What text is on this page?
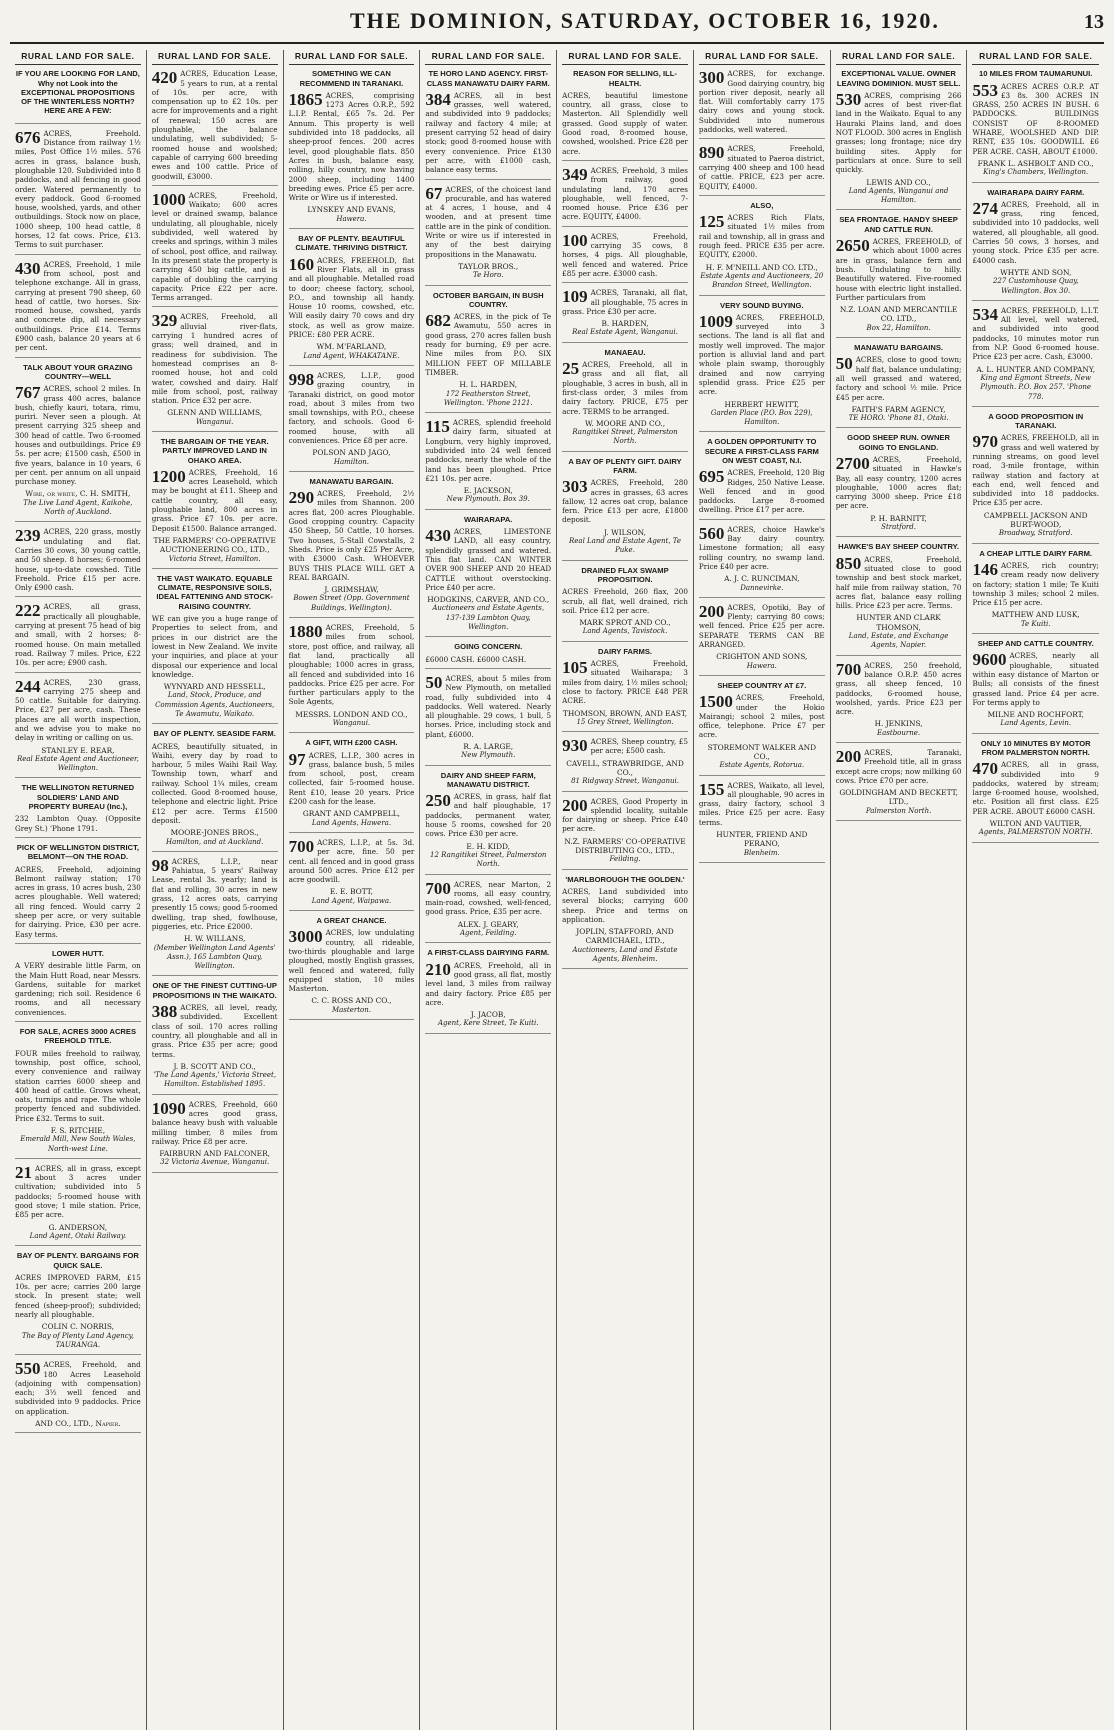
THE DOMINION, SATURDAY, OCTOBER 16, 1920.	13
RURAL LAND FOR SALE.
IF YOU ARE LOOKING FOR LAND, Why not Look into the EXCEPTIONAL PROPOSITIONS OF THE WINTERLESS NORTH? HERE ARE A FEW:
676 ACRES, Freehold. Distance from railway 1½ miles, Post Office 1½ miles. 576 acres in grass, balance bush, ploughable 120. Subdivided into 8 paddocks, and all fencing in good order. Watered permanently to every paddock. Good 6-roomed house, woolshed, yards, and other outbuildings. Stock now on place, 1000 sheep, 100 head cattle, 8 horses, 12 fat cows. Price, £13. Terms to suit purchaser.
430 ACRES, Freehold, 1 mile from school, post and telephone exchange. All in grass, carrying at present 790 sheep, 60 head of cattle, two horses. Six-roomed house, cowshed, yards and concrete dip, all necessary outbuildings. Price £14. Terms £900 cash, balance 20 years at 6 per cent.
TALK ABOUT YOUR GRAZING COUNTRY—WELL
767 ACRES, school 2 miles. In grass 400 acres, balance bush, chiefly kauri, totara, rimu, puriri. Never seen a plough. At present carrying 325 sheep and 300 head of cattle. Two 6-roomed houses and outbuildings. Price £9 5s. per acre; £1500 cash, £500 in five years, balance in 10 years, 6 per cent. per annum on all unpaid purchase money.
Wire, or write, C. H. SMITH,
The Live Land Agent, Kaikohe, North of Auckland.
239 ACRES, 220 grass, mostly undulating and flat. Carries 30 cows, 30 young cattle, and 50 sheep. 8 horses; 6-roomed house, up-to-date cowshed. Title Freehold. Price £15 per acre. Only £900 cash.
222 ACRES, all grass, practically all ploughable, carrying at present 75 head of big and small, with 2 horses; 8-roomed house. On main metalled road. Railway 7 miles. Price, £22 10s. per acre; £900 cash.
244 ACRES, 230 grass, carrying 275 sheep and 50 cattle. Suitable for dairying. Price, £27 per acre, cash. These places are all worth inspection, and we advise you to make no delay in writing or calling on us.
STANLEY E. REAR,
Real Estate Agent and Auctioneer, Wellington.
THE WELLINGTON RETURNED SOLDIERS' LAND AND PROPERTY BUREAU (Inc.),
232 Lambton Quay. (Opposite Grey St.) 'Phone 1791.
PICK OF WELLINGTON DISTRICT, BELMONT—ON THE ROAD.
ACRES, Freehold, adjoining Belmont railway station; 170 acres in grass, 10 acres bush, 230 acres ploughable. Well watered; all ring fenced. Would carry 2 sheep per acre, or very suitable for dairying. Price, £30 per acre. Easy terms.
LOWER HUTT.
A VERY desirable little Farm, on the Main Hutt Road, near Messrs. Gardens, suitable for market gardening; rich soil. Residence 6 rooms, and all necessary conveniences.
FOR SALE, ACRES 3000 ACRES FREEHOLD TITLE.
FOUR miles freehold to railway, township, post office, school, every convenience and railway station carries 6000 sheep and 400 head of cattle. Grows wheat, oats, turnips and rape. The whole property fenced and subdivided. Price £32. Terms to suit.
F. S. RITCHIE,
Emerald Mill, New South Wales, North-west Line.
21 ACRES, all in grass, except about 3 acres under cultivation; subdivided into 5 paddocks; 5-roomed house with good stove; 1 mile station. Price, £85 per acre.
G. ANDERSON,
Land Agent, Otaki Railway.
BAY OF PLENTY. BARGAINS FOR QUICK SALE.
ACRES IMPROVED FARM, £15 10s. per acre; carries 200 large stock. In present state; well fenced (sheep-proof); subdivided; nearly all ploughable.
COLIN C. NORRIS,
The Bay of Plenty Land Agency, TAURANGA.
550 ACRES, Freehold, and 180 Acres Leasehold (adjoining with compensation) each; 3½ well fenced and subdivided into 9 paddocks. Price on application.
AND CO., LTD., Napier.
RURAL LAND FOR SALE.
420 ACRES, Education Lease, 5 years to run, at a rental of 10s. per acre, with compensation up to £2 10s. per acre for improvements and a right of renewal; 150 acres are ploughable, the balance undulating, well subdivided; 5-roomed house and woolshed; capable of carrying 600 breeding ewes and 100 cattle. Price of goodwill, £3000.
1000 ACRES, Freehold, Waikato; 600 acres level or drained swamp, balance undulating, all ploughable, nicely subdivided, well watered by creeks and springs, within 3 miles of school, post office, and railway. In its present state the property is carrying 450 big cattle, and is capable of doubling the carrying capacity. Price £22 per acre. Terms arranged.
329 ACRES, Freehold, all alluvial river-flats, carrying 1 hundred acres of grass; well drained, and in readiness for subdivision. The homestead comprises an 8-roomed house, hot and cold water, cowshed and dairy. Half mile from school, post, railway station. Price £32 per acre.
GLENN AND WILLIAMS,
Wanganui.
THE BARGAIN OF THE YEAR. PARTLY IMPROVED LAND IN OHAKO AREA.
1200 ACRES, Freehold, 16 acres Leasehold, which may be bought at £11. Sheep and cattle country, all easy, ploughable land, 800 acres in grass. Price £7 10s. per acre. Deposit £1500. Balance arranged.
THE FARMERS' CO-OPERATIVE AUCTIONEERING CO., LTD.,
Victoria Street, Hamilton.
THE VAST WAIKATO. EQUABLE CLIMATE, RESPONSIVE SOILS, IDEAL FATTENING AND STOCK-RAISING COUNTRY.
WE can give you a huge range of Properties to select from, and prices in our district are the lowest in New Zealand. We invite your inquiries, and place at your disposal our experience and local knowledge.
WYNYARD AND HESSELL,
Land, Stock, Produce, and Commission Agents, Auctioneers, Te Awamutu, Waikato.
BAY OF PLENTY. SEASIDE FARM.
ACRES, beautifully situated, in Waihi, every day by road to harbour, 5 miles Waihi Rail Way. Township town, wharf and railway. School 1¼ miles, cream collected. Good 8-roomed house, telephone and electric light. Price £12 per acre. Terms £1500 deposit.
MOORE-JONES BROS.,
Hamilton, and at Auckland.
98 ACRES, L.I.P., near Pahiatua, 5 years' Railway Lease, rental 3s. yearly; land is flat and rolling, 30 acres in new grass, 12 acres oats, carrying presently 15 cows; good 5-roomed dwelling, trap shed, fowlhouse, piggeries, etc. Price £2000.
H. W. WILLANS,
(Member Wellington Land Agents' Assn.), 165 Lambton Quay, Wellington.
ONE OF THE FINEST CUTTING-UP PROPOSITIONS IN THE WAIKATO.
388 ACRES, all level, ready, subdivided. Excellent class of soil. 170 acres rolling country, all ploughable and all in grass. Price £35 per acre; good terms.
J. B. SCOTT AND CO.,
'The Land Agents,' Victoria Street, Hamilton. Established 1895.
1090 ACRES, Freehold, 660 acres good grass, balance heavy bush with valuable milling timber, 8 miles from railway. Price £8 per acre.
FAIRBURN AND FALCONER,
32 Victoria Avenue, Wanganui.
RURAL LAND FOR SALE.
SOMETHING WE CAN RECOMMEND IN TARANAKI.
1865 ACRES, comprising 1273 Acres O.R.P., 592 L.I.P. Rental, £65 7s. 2d. Per Annum. This property is well subdivided into 18 paddocks, all sheep-proof fences. 200 acres level, good ploughable flats. 850 Acres in bush, balance easy, rolling, hilly country, now having 2000 sheep, including 1400 breeding ewes. Price £5 per acre. Write or Wire us if interested.
LYNSKEY AND EVANS,
Hawera.
BAY OF PLENTY. BEAUTIFUL CLIMATE. THRIVING DISTRICT.
160 ACRES, FREEHOLD, flat River Flats, all in grass and all ploughable. Metalled road to door; cheese factory, school, P.O., and township all handy. House 10 rooms, cowshed, etc. Will easily dairy 70 cows and dry stock, as well as grow maize. PRICE: £80 PER ACRE.
WM. M'FARLAND,
Land Agent, WHAKATANE.
998 ACRES, L.I.P., good grazing country, in Taranaki district, on good motor road, about 3 miles from two small townships, with P.O., cheese factory, and schools. Good 6-roomed house, with all conveniences. Price £8 per acre.
POLSON AND JAGO,
Hamilton.
MANAWATU BARGAIN.
290 ACRES, Freehold, 2½ miles from Shannon. 200 acres flat, 200 acres Ploughable. Good cropping country. Capacity 450 Sheep, 50 Cattle, 10 horses. Two houses, 5-Stall Cowstalls, 2 Sheds. Price is only £25 Per Acre, with £3000 Cash. WHOEVER BUYS THIS PLACE WILL GET A REAL BARGAIN.
J. GRIMSHAW,
Bowen Street (Opp. Government Buildings, Wellington).
1880 ACRES, Freehold, 5 miles from school, store, post office, and railway, all flat land, practically all ploughable; 1000 acres in grass, all fenced and subdivided into 16 paddocks. Price £25 per acre. For further particulars apply to the Sole Agents,
MESSRS. LONDON AND CO.,
Wanganui.
A GIFT, WITH £200 CASH.
97 ACRES, L.I.P., 300 acres in grass, balance bush, 5 miles from school, post, cream collected, fair 5-roomed house. Rent £10, lease 20 years. Price £200 cash for the lease.
GRANT AND CAMPBELL,
Land Agents, Hawera.
700 ACRES, L.I.P., at 5s. 3d. per acre, fine. 50 per cent. all fenced and in good grass around 500 acres. Price £12 per acre goodwill.
E. E. BOTT,
Land Agent, Waipawa.
A GREAT CHANCE.
3000 ACRES, low undulating country, all rideable, two-thirds ploughable and large ploughed, mostly English grasses, well fenced and watered, fully equipped station, 10 miles Masterton.
C. C. ROSS AND CO.,
Masterton.
RURAL LAND FOR SALE.
TE HORO LAND AGENCY. FIRST-CLASS MANAWATU DAIRY FARM.
384 ACRES, all in best grasses, well watered, and subdivided into 9 paddocks; railway and factory 4 mile; at present carrying 52 head of dairy stock; good 8-roomed house with every convenience. Price £130 per acre, with £1000 cash, balance easy terms.
67 ACRES, of the choicest land procurable, and has watered at 4 acres, 1 house, and 4 wooden, and at present time cattle are in the pink of condition. Write or wire us if interested in any of the best dairying propositions in the Manawatu.
TAYLOR BROS.,
Te Horo.
OCTOBER BARGAIN, IN BUSH COUNTRY.
682 ACRES, in the pick of Te Awamutu, 550 acres in good grass, 270 acres fallen bush ready for burning, £9 per acre. Nine miles from P.O. SIX MILLION FEET OF MILLABLE TIMBER.
H. L. HARDEN,
172 Featherston Street, Wellington. 'Phone 2121.
115 ACRES, splendid freehold dairy farm, situated at Longburn, very highly improved, subdivided into 24 well fenced paddocks, nearly the whole of the land has been ploughed. Price £21 10s. per acre.
E. JACKSON,
New Plymouth. Box 39.
WAIRARAPA.
430 ACRES, LIMESTONE LAND, all easy country, splendidly grassed and watered. This flat land. CAN WINTER OVER 900 SHEEP AND 20 HEAD CATTLE without overstocking. Price £40 per acre.
HODGKINS, CARVER, AND CO.,
Auctioneers and Estate Agents, 137-139 Lambton Quay, Wellington.
GOING CONCERN.
£6000 CASH. £6000 CASH.
50 ACRES, about 5 miles from New Plymouth, on metalled road, fully subdivided into 4 paddocks. Well watered. Nearly all ploughable. 29 cows, 1 bull, 5 horses. Price, including stock and plant, £6000.
R. A. LARGE,
New Plymouth.
DAIRY AND SHEEP FARM, MANAWATU DISTRICT.
250 ACRES, in grass, half flat and half ploughable, 17 paddocks, permanent water, house 5 rooms, cowshed for 20 cows. Price £30 per acre.
E. H. KIDD,
12 Rangitikei Street, Palmerston North.
700 ACRES, near Marton, 2 rooms, all easy country, main-road, cowshed, well-fenced, good grass. Price, £35 per acre.
ALEX. J. GEARY,
Agent, Feilding.
A FIRST-CLASS DAIRYING FARM.
210 ACRES, Freehold, all in good grass, all flat, mostly level land, 3 miles from railway and dairy factory. Price £85 per acre.
J. JACOB,
Agent, Kere Street, Te Kuiti.
RURAL LAND FOR SALE.
REASON FOR SELLING, ILL-HEALTH.
ACRES, beautiful limestone country, all grass, close to Masterton. All Splendidly well grassed. Good supply of water. Good road, 8-roomed house, cowshed, woolshed. Price £28 per acre.
349 ACRES, Freehold, 3 miles from railway, good undulating land, 170 acres ploughable, well fenced, 7-roomed house. Price £36 per acre. EQUITY, £4000.
100 ACRES, Freehold, carrying 35 cows, 8 horses, 4 pigs. All ploughable, well fenced and watered. Price £85 per acre. £3000 cash.
109 ACRES, Taranaki, all flat, all ploughable, 75 acres in grass. Price £30 per acre.
B. HARDEN,
Real Estate Agent, Wanganui.
MANAEAU.
25 ACRES, Freehold, all in grass and all flat, all ploughable, 3 acres in bush, all in first-class order, 3 miles from dairy factory. PRICE, £75 per acre. TERMS to be arranged.
W. MOORE AND CO.,
Rangitikei Street, Palmerston North.
A BAY OF PLENTY GIFT. DAIRY FARM.
303 ACRES, Freehold, 280 acres in grasses, 63 acres fallow, 12 acres oat crop, balance fern. Price £13 per acre, £1800 deposit.
J. WILSON,
Real Land and Estate Agent, Te Puke.
DRAINED FLAX SWAMP PROPOSITION.
ACRES Freehold, 260 flax, 200 scrub, all flat, well drained, rich soil. Price £12 per acre.
MARK SPROT AND CO.,
Land Agents, Tavistock.
DAIRY FARMS.
105 ACRES, Freehold, situated Waiharapa; 3 miles from dairy, 1½ miles school; close to factory. PRICE £48 PER ACRE.
THOMSON, BROWN, AND EAST,
15 Grey Street, Wellington.
930 ACRES, Sheep country, £5 per acre; £500 cash.
CAVELL, STRAWBRIDGE, AND CO.,
81 Ridgway Street, Wanganui.
200 ACRES, Good Property in splendid locality, suitable for dairying or sheep. Price £40 per acre.
N.Z. FARMERS' CO-OPERATIVE DISTRIBUTING CO., LTD.,
Feilding.
'MARLBOROUGH THE GOLDEN.'
ACRES, Land subdivided into several blocks; carrying 600 sheep. Price and terms on application.
JOPLIN, STAFFORD, AND CARMICHAEL, LTD.,
Auctioneers, Land and Estate Agents, Blenheim.
RURAL LAND FOR SALE.
300 ACRES, for exchange. Good dairying country, big portion river deposit, nearly all flat. Will comfortably carry 175 dairy cows and young stock. Subdivided into numerous paddocks, well watered.
890 ACRES, Freehold, situated to Paeroa district, carrying 400 sheep and 100 head of cattle. PRICE, £23 per acre. EQUITY, £4000.
ALSO,
125 ACRES Rich Flats, situated 1½ miles from rail and township, all in grass and rough feed. PRICE £35 per acre. EQUITY, £2000.
H. F. M'NEILL AND CO. LTD.,
Estate Agents and Auctioneers, 20 Brandon Street, Wellington.
VERY SOUND BUYING.
1009 ACRES, FREEHOLD, surveyed into 3 sections. The land is all flat and mostly well improved. The major portion is alluvial land and part whole plain swamp, thoroughly drained and now carrying splendid grass. Price £25 per acre.
HERBERT HEWITT,
Garden Place (P.O. Box 229), Hamilton.
A GOLDEN OPPORTUNITY TO SECURE A FIRST-CLASS FARM ON WEST COAST, N.I.
695 ACRES, Freehold, 120 Big Ridges, 250 Native Lease. Well fenced and in good paddocks. Large 8-roomed dwelling. Price £17 per acre.
560 ACRES, choice Hawke's Bay dairy country. Limestone formation; all easy rolling country, no swamp land. Price £40 per acre.
A. J. C. RUNCIMAN,
Dannevirke.
200 ACRES, Opotiki, Bay of Plenty; carrying 80 cows; well fenced. Price £25 per acre. SEPARATE TERMS CAN BE ARRANGED.
CRIGHTON AND SONS,
Hawera.
SHEEP COUNTRY AT £7.
1500 ACRES, Freehold, under the Hokio Mairangi; school 2 miles, post office, telephone. Price £7 per acre.
STOREMONT WALKER AND CO.,
Estate Agents, Rotorua.
155 ACRES, Waikato, all level, all ploughable, 90 acres in grass, dairy factory, school 3 miles. Price £25 per acre. Easy terms.
HUNTER, FRIEND AND PERANO,
Blenheim.
RURAL LAND FOR SALE.
EXCEPTIONAL VALUE. OWNER LEAVING DOMINION. MUST SELL.
530 ACRES, comprising 266 acres of best river-flat land in the Waikato. Equal to any Hauraki Plains land, and does NOT FLOOD. 300 acres in English grasses; long frontage; nice dry building sites. Apply for particulars at once. Sure to sell quickly.
LEWIS AND CO.,
Land Agents, Wanganui and Hamilton.
SEA FRONTAGE. HANDY SHEEP AND CATTLE RUN.
2650 ACRES, FREEHOLD, of which about 1000 acres are in grass, balance fern and bush. Undulating to hilly. Beautifully watered. Five-roomed house with electric light installed. Further particulars from
N.Z. LOAN AND MERCANTILE CO. LTD.,
Box 22, Hamilton.
MANAWATU BARGAINS.
50 ACRES, close to good town; half flat, balance undulating; all well grassed and watered, factory and school ½ mile. Price £45 per acre.
FAITH'S FARM AGENCY,
TE HORO. 'Phone 81, Otaki.
GOOD SHEEP RUN. OWNER GOING TO ENGLAND.
2700 ACRES, Freehold, situated in Hawke's Bay, all easy country, 1200 acres ploughable, 1000 acres flat; carrying 3000 sheep. Price £18 per acre.
P. H. BARNITT,
Stratford.
HAWKE'S BAY SHEEP COUNTRY.
850 ACRES, Freehold, situated close to good township and best stock market, half mile from railway station, 70 acres flat, balance easy rolling hills. Price £23 per acre. Terms.
HUNTER AND CLARK THOMSON,
Land, Estate, and Exchange Agents, Napier.
700 ACRES, 250 freehold, balance O.R.P. 450 acres grass, all sheep fenced, 10 paddocks, 6-roomed house, woolshed, yards. Price £23 per acre.
H. JENKINS,
Eastbourne.
200 ACRES, Taranaki, Freehold title, all in grass except acre crops; now milking 60 cows. Price £70 per acre.
GOLDINGHAM AND BECKETT, LTD.,
Palmerston North.
RURAL LAND FOR SALE.
10 MILES FROM TAUMARUNUI.
553 ACRES ACRES O.R.P. AT £3 8s. 300 ACRES IN GRASS, 250 ACRES IN BUSH. 6 PADDOCKS. BUILDINGS CONSIST OF 8-ROOMED WHARE, WOOLSHED AND DIP. RENT, £35 10s. GOODWILL £6 PER ACRE. CASH, ABOUT £1000.
FRANK L. ASHBOLT AND CO.,
King's Chambers, Wellington.
WAIRARAPA DAIRY FARM.
274 ACRES, Freehold, all in grass, ring fenced, subdivided into 10 paddocks, well watered, all ploughable, all good. Carries 50 cows, 3 horses, and young stock. Price £35 per acre. £4000 cash.
WHYTE AND SON,
227 Customhouse Quay, Wellington. Box 30.
534 ACRES, FREEHOLD, L.I.T. All level, well watered, and subdivided into good paddocks, 10 minutes motor run from N.P. Good 6-roomed house. Price £23 per acre. Cash, £3000.
A. L. HUNTER AND COMPANY,
King and Egmont Streets, New Plymouth. P.O. Box 257. 'Phone 778.
A GOOD PROPOSITION IN TARANAKI.
970 ACRES, FREEHOLD, all in grass and well watered by running streams, on good level road, 3-mile frontage, within railway station and factory at each end, well fenced and subdivided into 18 paddocks. Price £35 per acre.
CAMPBELL JACKSON AND BURT-WOOD,
Broadway, Stratford.
A CHEAP LITTLE DAIRY FARM.
146 ACRES, rich country; cream ready now delivery on factory; station 1 mile; Te Kuiti township 3 miles; school 2 miles. Price £15 per acre.
MATTHEW AND LUSK,
Te Kuiti.
SHEEP AND CATTLE COUNTRY.
9600 ACRES, nearly all ploughable, situated within easy distance of Marton or Bulls; all consists of the finest grassed land. Price £4 per acre. For terms apply to
MILNE AND ROCHFORT,
Land Agents, Levin.
ONLY 10 MINUTES BY MOTOR FROM PALMERSTON NORTH.
470 ACRES, all in grass, subdivided into 9 paddocks, watered by stream; large 6-roomed house, woolshed, etc. Position all first class. £25 PER ACRE. ABOUT £6000 CASH.
WILTON AND VAUTIER,
Agents, PALMERSTON NORTH.
